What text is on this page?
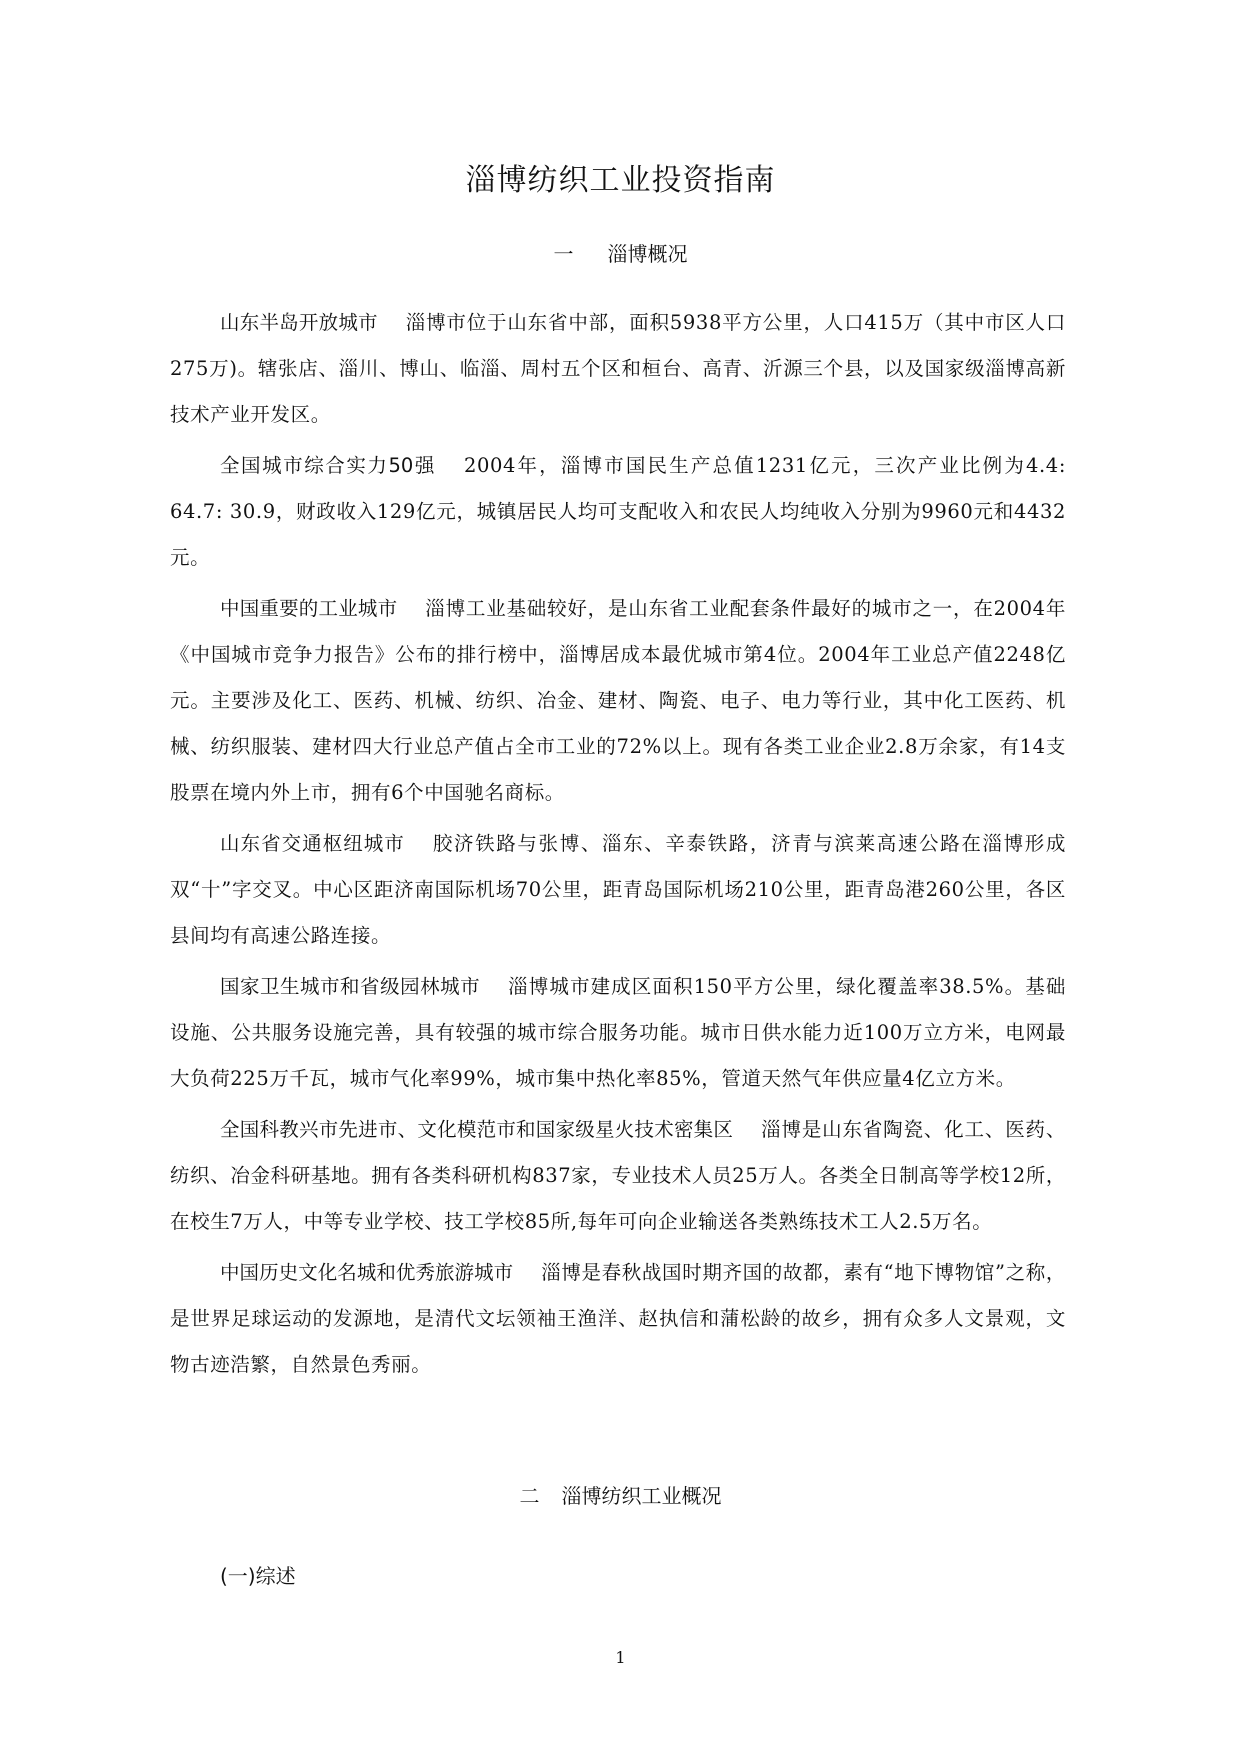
淄博纺织工业投资指南
一 淄博概况

山东半岛开放城市 淄博市位于山东省中部，面积5938平方公里，人口415万（其中市区人口275万)。辖张店、淄川、博山、临淄、周村五个区和桓台、高青、沂源三个县，以及国家级淄博高新技术产业开发区。

全国城市综合实力50强 2004年，淄博市国民生产总值1231亿元，三次产业比例为4.4: 64.7: 30.9，财政收入129亿元，城镇居民人均可支配收入和农民人均纯收入分别为9960元和4432元。

中国重要的工业城市 淄博工业基础较好，是山东省工业配套条件最好的城市之一，在2004年《中国城市竞争力报告》公布的排行榜中，淄博居成本最优城市第4位。2004年工业总产值2248亿元。主要涉及化工、医药、机械、纺织、冶金、建材、陶瓷、电子、电力等行业，其中化工医药、机械、纺织服装、建材四大行业总产值占全市工业的72%以上。现有各类工业企业2.8万余家，有14支股票在境内外上市，拥有6个中国驰名商标。

山东省交通枢纽城市 胶济铁路与张博、淄东、辛泰铁路，济青与滨莱高速公路在淄博形成双“十”字交叉。中心区距济南国际机场70公里，距青岛国际机场210公里，距青岛港260公里，各区县间均有高速公路连接。

国家卫生城市和省级园林城市 淄博城市建成区面积150平方公里，绿化覆盖率38.5%。基础设施、公共服务设施完善，具有较强的城市综合服务功能。城市日供水能力近100万立方米，电网最大负荷225万千瓦，城市气化率99%，城市集中热化率85%，管道天然气年供应量4亿立方米。

全国科教兴市先进市、文化模范市和国家级星火技术密集区 淄博是山东省陶瓷、化工、医药、纺织、冶金科研基地。拥有各类科研机构837家，专业技术人员25万人。各类全日制高等学校12所，在校生7万人，中等专业学校、技工学校85所,每年可向企业输送各类熟练技术工人2.5万名。

中国历史文化名城和优秀旅游城市 淄博是春秋战国时期齐国的故都，素有“地下博物馆”之称，是世界足球运动的发源地，是清代文坛领袖王渔洋、赵执信和蒲松龄的故乡，拥有众多人文景观，文物古迹浩繁，自然景色秀丽。

二 淄博纺织工业概况
(一)综述
1
